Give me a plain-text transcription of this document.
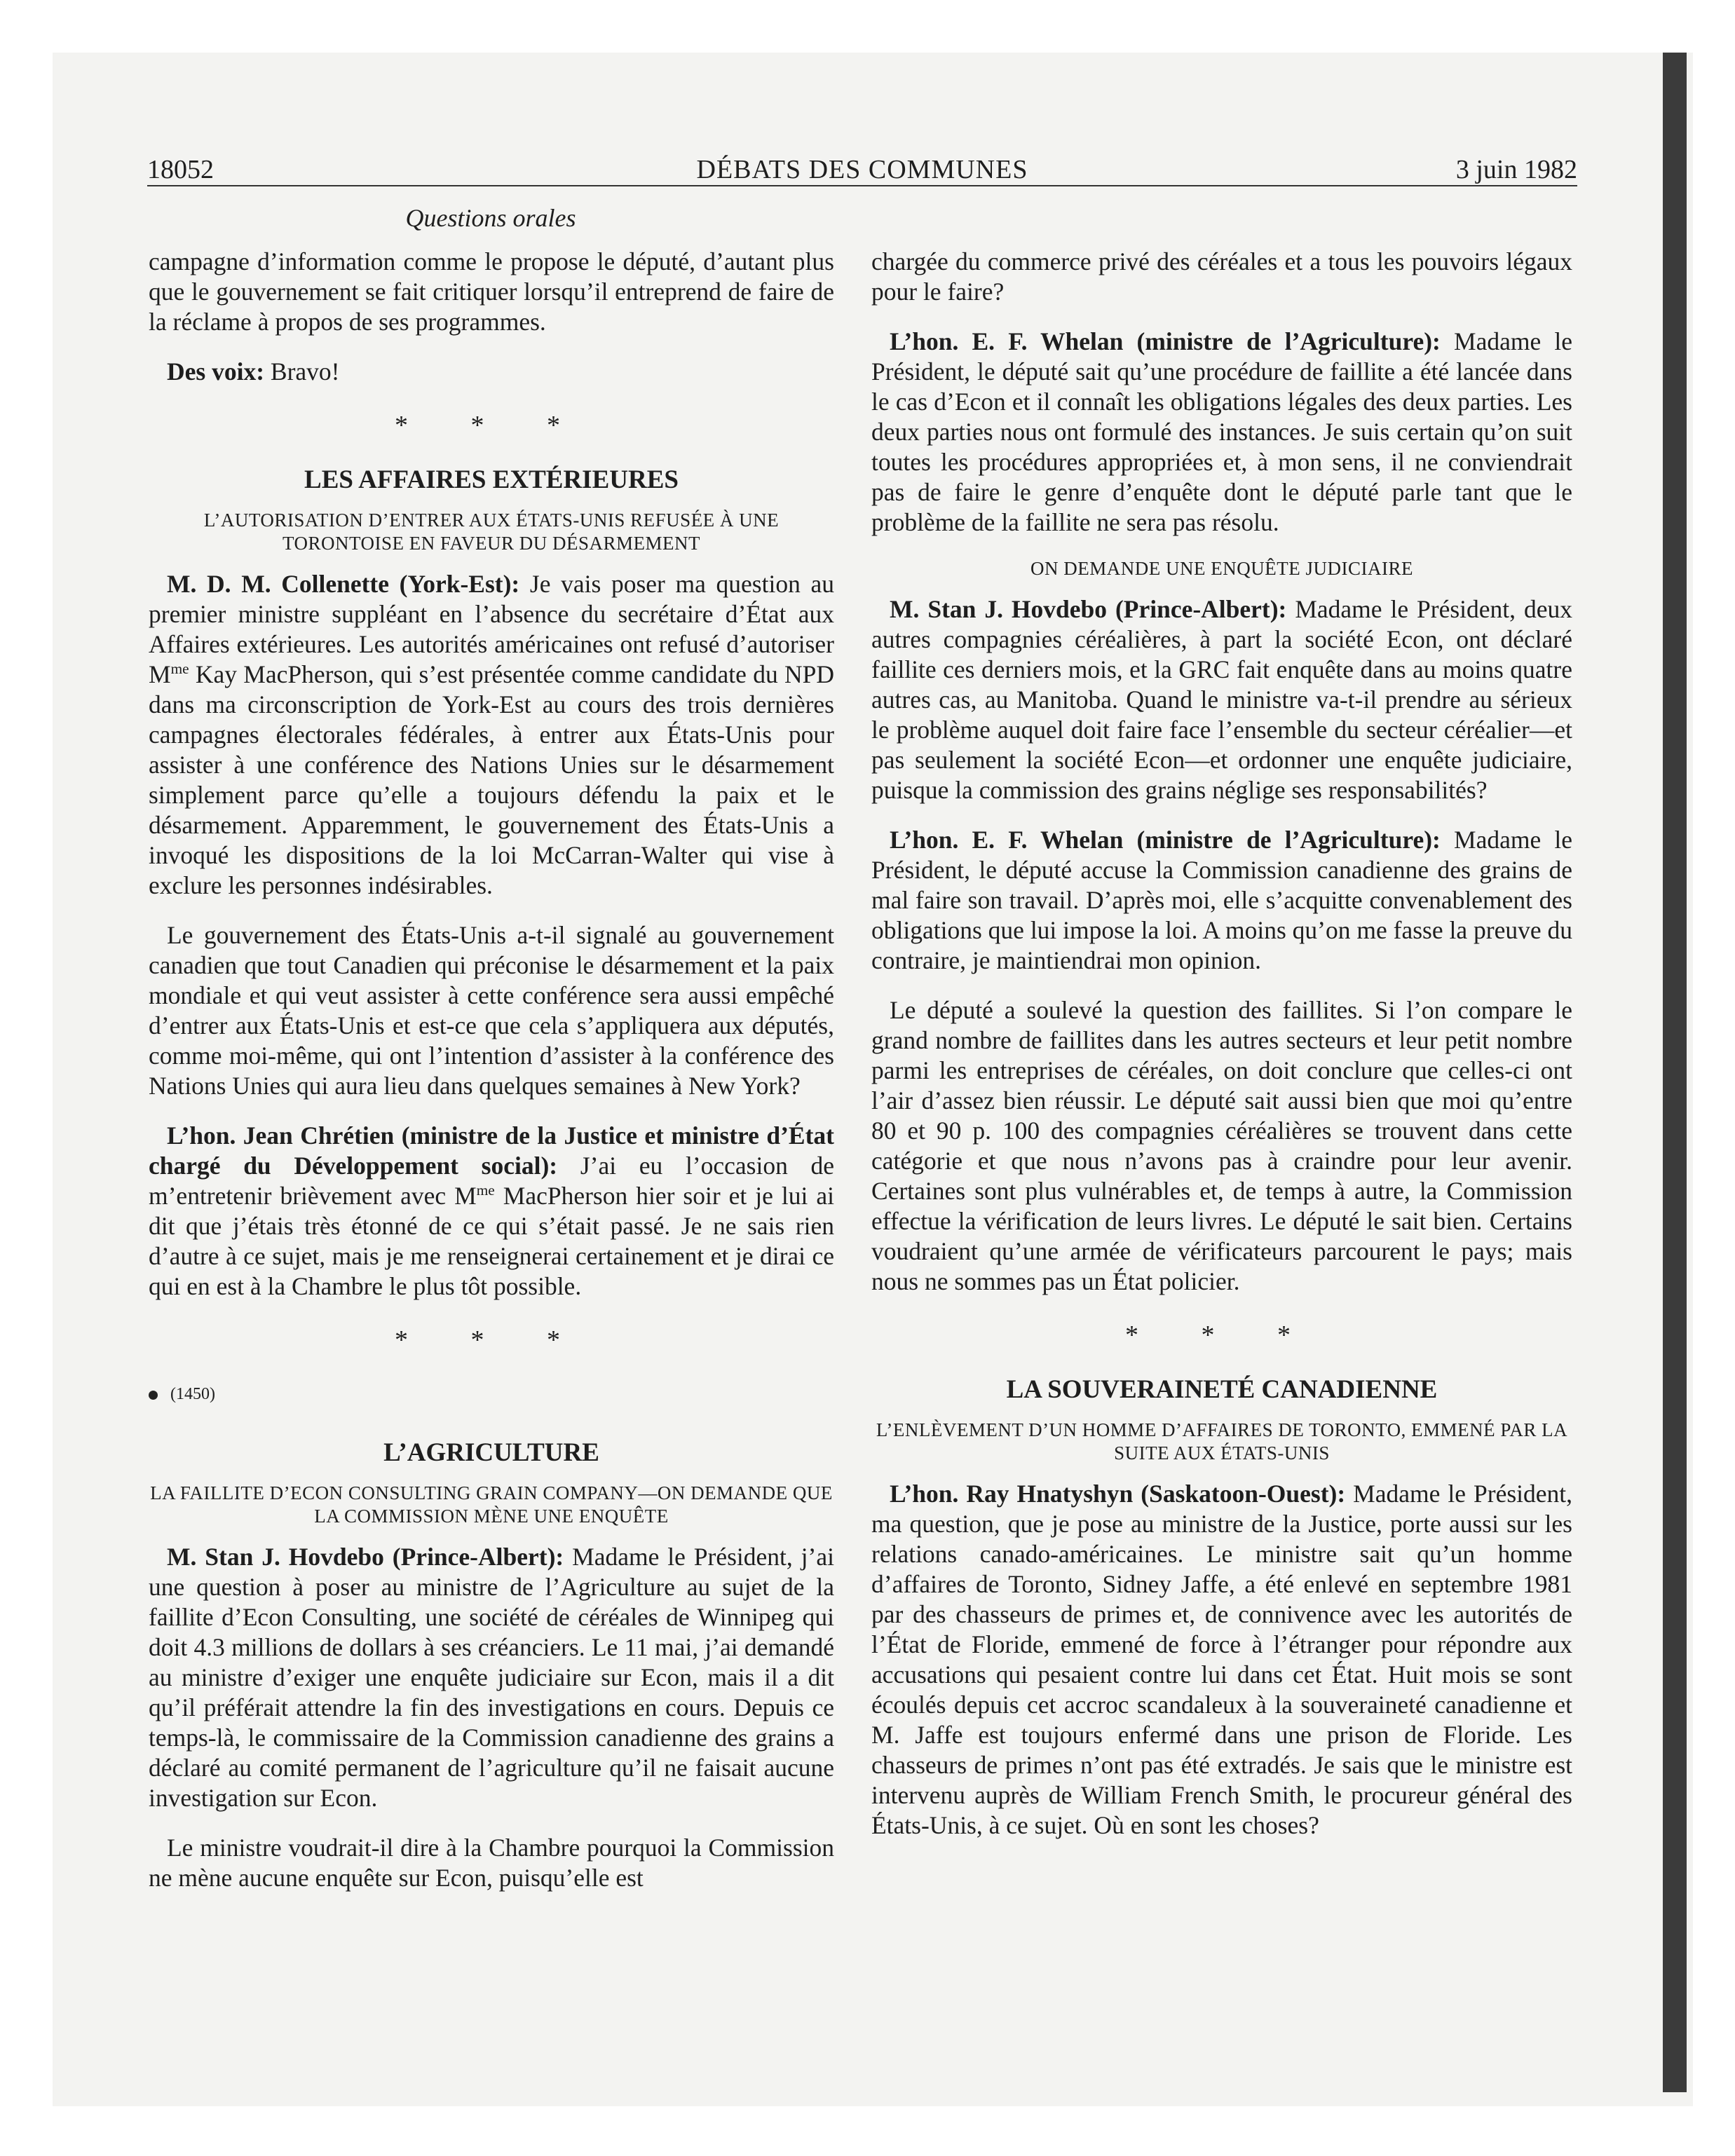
18052	DÉBATS DES COMMUNES	3 juin 1982
Questions orales

campagne d’information comme le propose le député, d’autant plus que le gouvernement se fait critiquer lorsqu’il entreprend de faire de la réclame à propos de ses programmes.

Des voix: Bravo!

* * *
LES AFFAIRES EXTÉRIEURES
L’AUTORISATION D’ENTRER AUX ÉTATS-UNIS REFUSÉE À UNE TORONTOISE EN FAVEUR DU DÉSARMEMENT

M. D. M. Collenette (York-Est): Je vais poser ma question au premier ministre suppléant en l’absence du secrétaire d’État aux Affaires extérieures. Les autorités américaines ont refusé d’autoriser $M^{me}$ Kay MacPherson, qui s’est présentée comme candidate du NPD dans ma circonscription de York-Est au cours des trois dernières campagnes électorales fédérales, à entrer aux États-Unis pour assister à une conférence des Nations Unies sur le désarmement simplement parce qu’elle a toujours défendu la paix et le désarmement. Apparemment, le gouvernement des États-Unis a invoqué les dispositions de la loi McCarran-Walter qui vise à exclure les personnes indésirables.

Le gouvernement des États-Unis a-t-il signalé au gouvernement canadien que tout Canadien qui préconise le désarmement et la paix mondiale et qui veut assister à cette conférence sera aussi empêché d’entrer aux États-Unis et est-ce que cela s’appliquera aux députés, comme moi-même, qui ont l’intention d’assister à la conférence des Nations Unies qui aura lieu dans quelques semaines à New York?

L’hon. Jean Chrétien (ministre de la Justice et ministre d’État chargé du Développement social): J’ai eu l’occasion de m’entretenir brièvement avec $M^{me}$ MacPherson hier soir et je lui ai dit que j’étais très étonné de ce qui s’était passé. Je ne sais rien d’autre à ce sujet, mais je me renseignerai certainement et je dirai ce qui en est à la Chambre le plus tôt possible.

* * *
(1450)
L’AGRICULTURE
LA FAILLITE D’ECON CONSULTING GRAIN COMPANY—ON DEMANDE QUE LA COMMISSION MÈNE UNE ENQUÊTE

M. Stan J. Hovdebo (Prince-Albert): Madame le Président, j’ai une question à poser au ministre de l’Agriculture au sujet de la faillite d’Econ Consulting, une société de céréales de Winnipeg qui doit 4.3 millions de dollars à ses créanciers. Le 11 mai, j’ai demandé au ministre d’exiger une enquête judiciaire sur Econ, mais il a dit qu’il préférait attendre la fin des investigations en cours. Depuis ce temps-là, le commissaire de la Commission canadienne des grains a déclaré au comité permanent de l’agriculture qu’il ne faisait aucune investigation sur Econ.

Le ministre voudrait-il dire à la Chambre pourquoi la Commission ne mène aucune enquête sur Econ, puisqu’elle est

chargée du commerce privé des céréales et a tous les pouvoirs légaux pour le faire?

L’hon. E. F. Whelan (ministre de l’Agriculture): Madame le Président, le député sait qu’une procédure de faillite a été lancée dans le cas d’Econ et il connaît les obligations légales des deux parties. Les deux parties nous ont formulé des instances. Je suis certain qu’on suit toutes les procédures appropriées et, à mon sens, il ne conviendrait pas de faire le genre d’enquête dont le député parle tant que le problème de la faillite ne sera pas résolu.

ON DEMANDE UNE ENQUÊTE JUDICIAIRE

M. Stan J. Hovdebo (Prince-Albert): Madame le Président, deux autres compagnies céréalières, à part la société Econ, ont déclaré faillite ces derniers mois, et la GRC fait enquête dans au moins quatre autres cas, au Manitoba. Quand le ministre va-t-il prendre au sérieux le problème auquel doit faire face l’ensemble du secteur céréalier—et pas seulement la société Econ—et ordonner une enquête judiciaire, puisque la commission des grains néglige ses responsabilités?

L’hon. E. F. Whelan (ministre de l’Agriculture): Madame le Président, le député accuse la Commission canadienne des grains de mal faire son travail. D’après moi, elle s’acquitte convenablement des obligations que lui impose la loi. A moins qu’on me fasse la preuve du contraire, je maintiendrai mon opinion.

Le député a soulevé la question des faillites. Si l’on compare le grand nombre de faillites dans les autres secteurs et leur petit nombre parmi les entreprises de céréales, on doit conclure que celles-ci ont l’air d’assez bien réussir. Le député sait aussi bien que moi qu’entre 80 et 90 p. 100 des compagnies céréalières se trouvent dans cette catégorie et que nous n’avons pas à craindre pour leur avenir. Certaines sont plus vulnérables et, de temps à autre, la Commission effectue la vérification de leurs livres. Le député le sait bien. Certains voudraient qu’une armée de vérificateurs parcourent le pays; mais nous ne sommes pas un État policier.

* * *
LA SOUVERAINETÉ CANADIENNE
L’ENLÈVEMENT D’UN HOMME D’AFFAIRES DE TORONTO, EMMENÉ PAR LA SUITE AUX ÉTATS-UNIS

L’hon. Ray Hnatyshyn (Saskatoon-Ouest): Madame le Président, ma question, que je pose au ministre de la Justice, porte aussi sur les relations canado-américaines. Le ministre sait qu’un homme d’affaires de Toronto, Sidney Jaffe, a été enlevé en septembre 1981 par des chasseurs de primes et, de connivence avec les autorités de l’État de Floride, emmené de force à l’étranger pour répondre aux accusations qui pesaient contre lui dans cet État. Huit mois se sont écoulés depuis cet accroc scandaleux à la souveraineté canadienne et M. Jaffe est toujours enfermé dans une prison de Floride. Les chasseurs de primes n’ont pas été extradés. Je sais que le ministre est intervenu auprès de William French Smith, le procureur général des États-Unis, à ce sujet. Où en sont les choses?
